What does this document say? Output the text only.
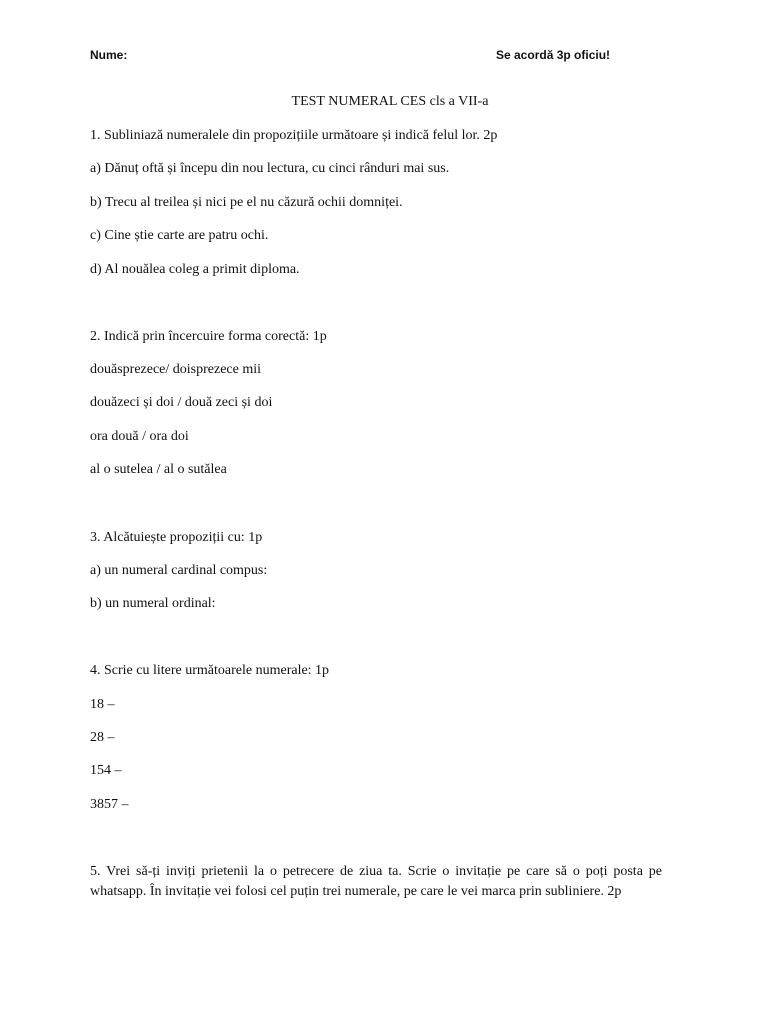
Nume:	Se acordă 3p oficiu!
TEST NUMERAL CES cls a VII-a
1. Subliniază numeralele din propozițiile următoare și indică felul lor. 2p
a) Dănuț oftă și începu din nou lectura, cu cinci rânduri mai sus.
b) Trecu al treilea și nici pe el nu căzură ochii domniței.
c) Cine știe carte are patru ochi.
d) Al nouălea coleg a primit diploma.
2. Indică prin încercuire forma corectă: 1p
douăsprezece/ doisprezece mii
douăzeci și doi / două zeci și doi
ora două / ora doi
al o sutelea / al o sutălea
3. Alcătuiește propoziții cu: 1p
a) un numeral cardinal compus:
b) un numeral ordinal:
4. Scrie cu litere următoarele numerale: 1p
18 –
28 –
154 –
3857 –
5. Vrei să-ți inviți prietenii la o petrecere de ziua ta. Scrie o invitație pe care să o poți posta pe whatsapp. În invitație vei folosi cel puțin trei numerale, pe care le vei marca prin subliniere. 2p
